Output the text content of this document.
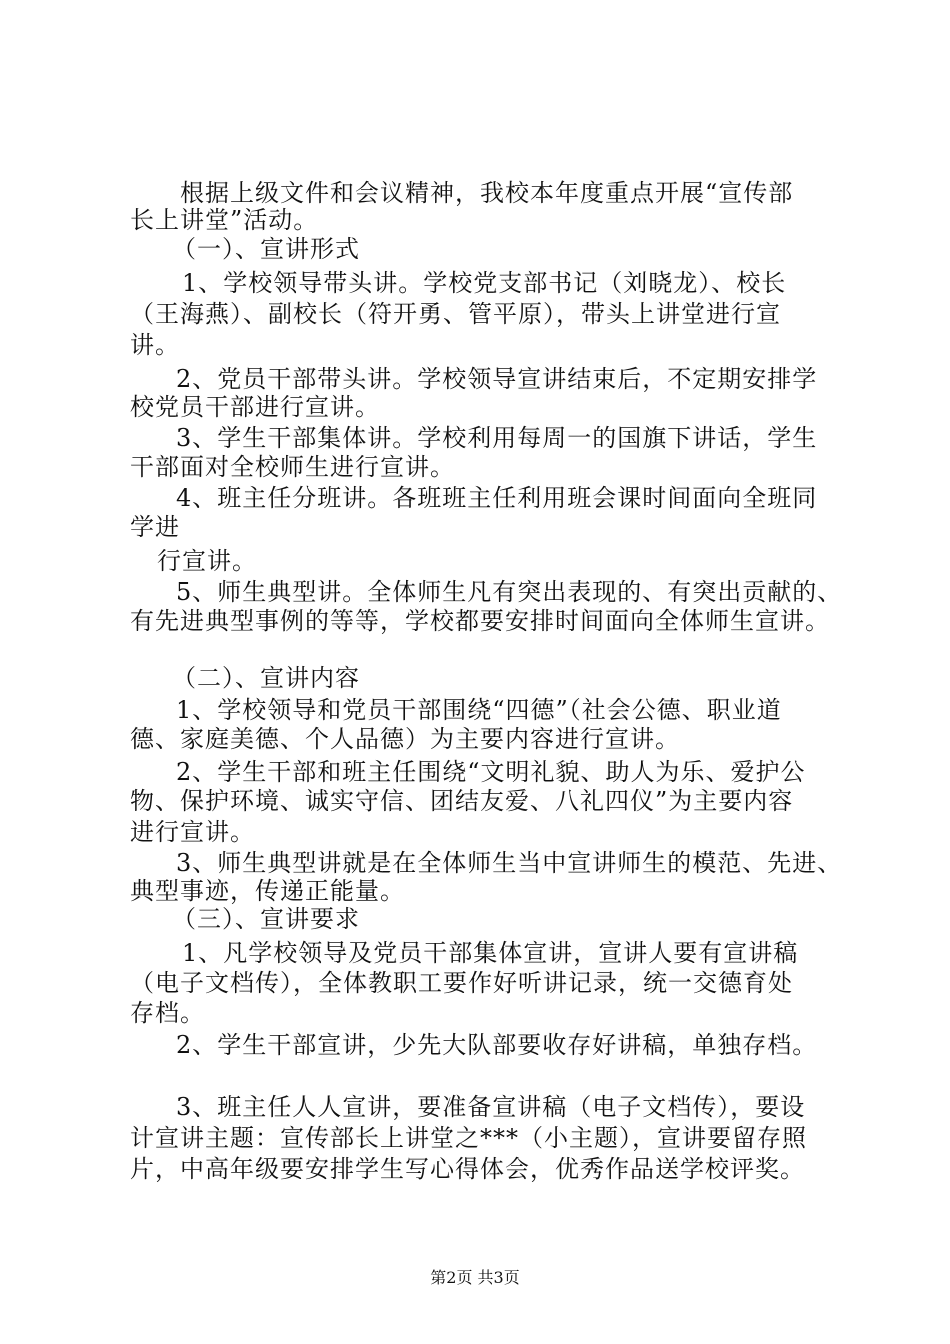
根据上级文件和会议精神，我校本年度重点开展“宣传部
长上讲堂”活动。
（一）、宣讲形式
1、学校领导带头讲。学校党支部书记（刘晓龙）、校长
（王海燕）、副校长（符开勇、管平原），带头上讲堂进行宣
讲。
2、党员干部带头讲。学校领导宣讲结束后，不定期安排学
校党员干部进行宣讲。
3、学生干部集体讲。学校利用每周一的国旗下讲话，学生
干部面对全校师生进行宣讲。
4、班主任分班讲。各班班主任利用班会课时间面向全班同
学进
行宣讲。
5、师生典型讲。全体师生凡有突出表现的、有突出贡献的、
有先进典型事例的等等，学校都要安排时间面向全体师生宣讲。
（二）、宣讲内容
1、学校领导和党员干部围绕“四德”（社会公德、职业道
德、家庭美德、个人品德）为主要内容进行宣讲。
2、学生干部和班主任围绕“文明礼貌、助人为乐、爱护公
物、保护环境、诚实守信、团结友爱、八礼四仪”为主要内容
进行宣讲。
3、师生典型讲就是在全体师生当中宣讲师生的模范、先进、
典型事迹，传递正能量。
（三）、宣讲要求
1、凡学校领导及党员干部集体宣讲，宣讲人要有宣讲稿
（电子文档传），全体教职工要作好听讲记录，统一交德育处
存档。
2、学生干部宣讲，少先大队部要收存好讲稿，单独存档。
3、班主任人人宣讲，要准备宣讲稿（电子文档传），要设
计宣讲主题：宣传部长上讲堂之***（小主题），宣讲要留存照
片，中高年级要安排学生写心得体会，优秀作品送学校评奖。
第2页 共3页
